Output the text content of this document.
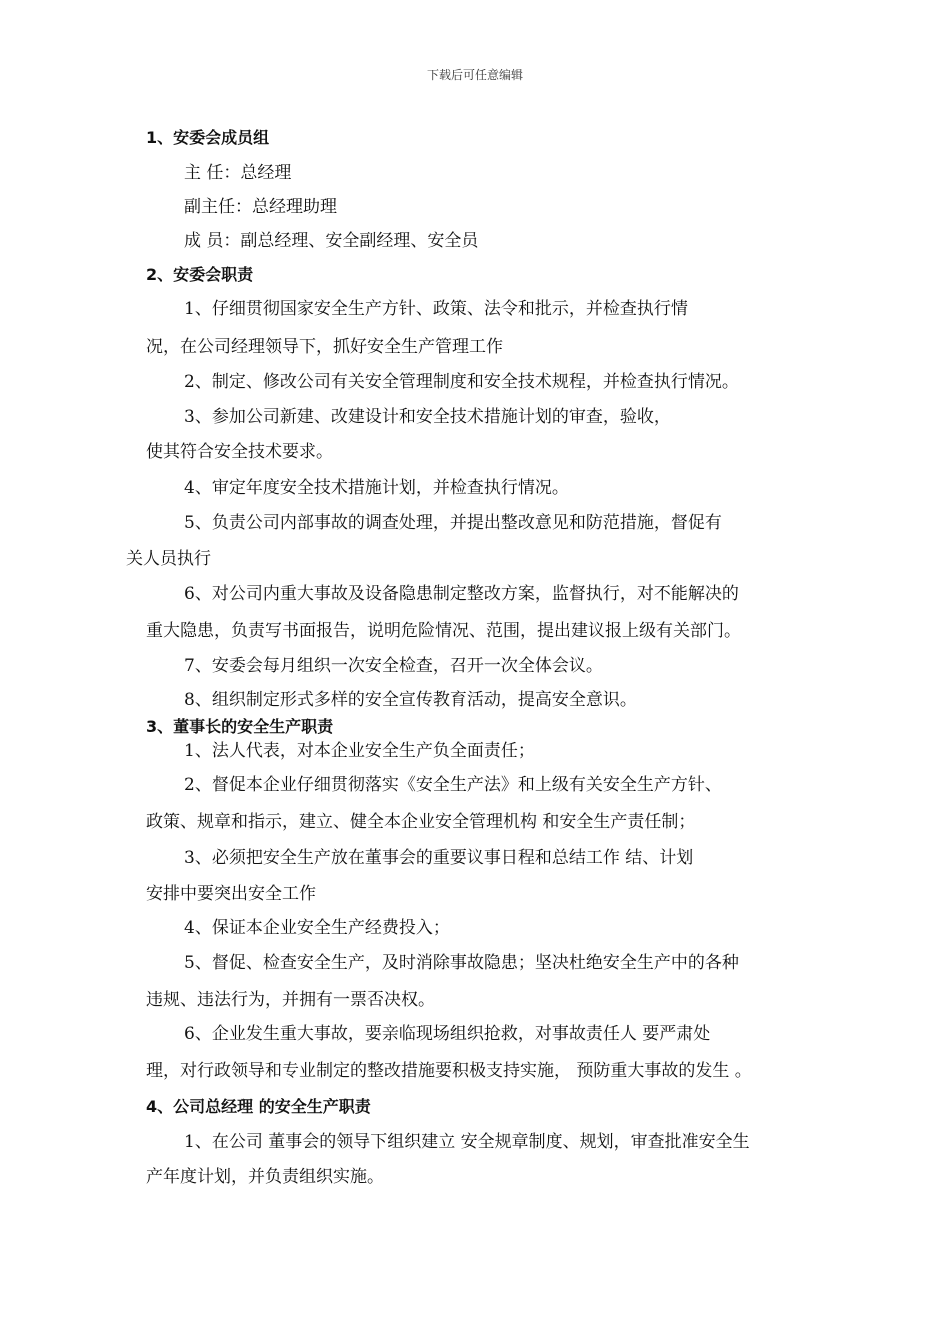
下载后可任意编辑
1、安委会成员组
主 任：总经理
副主任：总经理助理
成 员：副总经理、安全副经理、安全员
2、安委会职责
1、仔细贯彻国家安全生产方针、政策、法令和批示，并检查执行情
况，在公司经理领导下，抓好安全生产管理工作
2、制定、修改公司有关安全管理制度和安全技术规程，并检查执行情况。
3、参加公司新建、改建设计和安全技术措施计划的审查，验收，
使其符合安全技术要求。
4、审定年度安全技术措施计划，并检查执行情况。
5、负责公司内部事故的调查处理，并提出整改意见和防范措施，督促有
关人员执行
6、对公司内重大事故及设备隐患制定整改方案，监督执行，对不能解决的
重大隐患，负责写书面报告，说明危险情况、范围，提出建议报上级有关部门。
7、安委会每月组织一次安全检查，召开一次全体会议。
8、组织制定形式多样的安全宣传教育活动，提高安全意识。
3、董事长的安全生产职责
1、法人代表，对本企业安全生产负全面责任；
2、督促本企业仔细贯彻落实《安全生产法》和上级有关安全生产方针、
政策、规章和指示，建立、健全本企业安全管理机构 和安全生产责任制；
3、必须把安全生产放在董事会的重要议事日程和总结工作 结、计划
安排中要突出安全工作
4、保证本企业安全生产经费投入；
5、督促、检查安全生产，及时消除事故隐患；坚决杜绝安全生产中的各种
违规、违法行为，并拥有一票否决权。
6、企业发生重大事故，要亲临现场组织抢救，对事故责任人 要严肃处
理，对行政领导和专业制定的整改措施要积极支持实施， 预防重大事故的发生 。
4、公司总经理 的安全生产职责
1、在公司 董事会的领导下组织建立 安全规章制度、规划，审查批准安全生
产年度计划，并负责组织实施。
